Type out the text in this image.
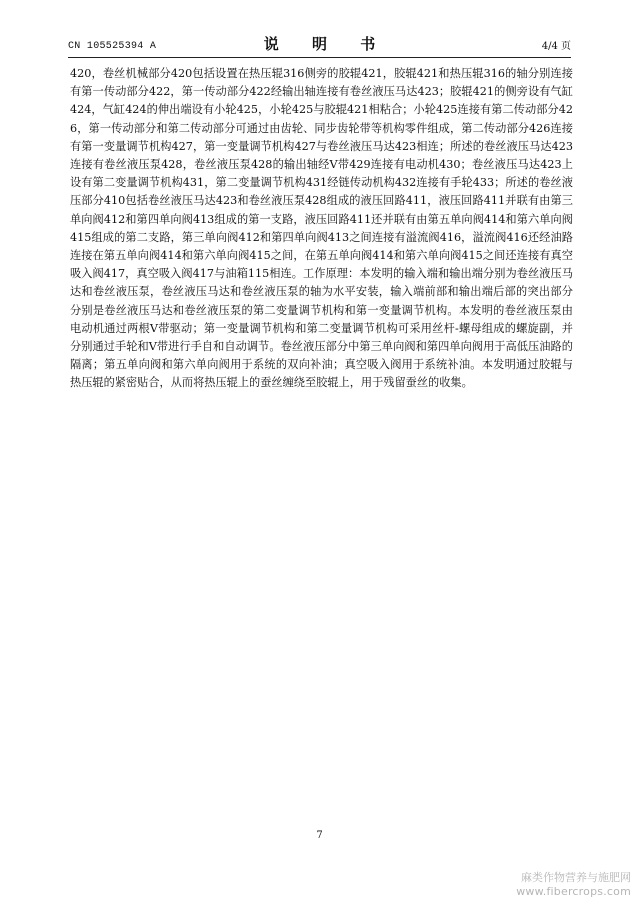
CN 105525394 A	说 明 书	4/4 页

420，卷丝机械部分420包括设置在热压辊316侧旁的胶辊421，胶辊421和热压辊316的轴分别连接有第一传动部分422，第一传动部分422经输出轴连接有卷丝液压马达423；胶辊421的侧旁设有气缸424，气缸424的伸出端设有小轮425，小轮425与胶辊421相粘合；小轮425连接有第二传动部分426，第一传动部分和第二传动部分可通过由齿轮、同步齿轮带等机构零件组成，第二传动部分426连接有第一变量调节机构427，第一变量调节机构427与卷丝液压马达423相连；所述的卷丝液压马达423连接有卷丝液压泵428，卷丝液压泵428的输出轴经V带429连接有电动机430；卷丝液压马达423上设有第二变量调节机构431，第二变量调节机构431经链传动机构432连接有手轮433；所述的卷丝液压部分410包括卷丝液压马达423和卷丝液压泵428组成的液压回路411，液压回路411并联有由第三单向阀412和第四单向阀413组成的第一支路，液压回路411还并联有由第五单向阀414和第六单向阀415组成的第二支路，第三单向阀412和第四单向阀413之间连接有溢流阀416，溢流阀416还经油路连接在第五单向阀414和第六单向阀415之间，在第五单向阀414和第六单向阀415之间还连接有真空吸入阀417，真空吸入阀417与油箱115相连。工作原理：本发明的输入端和输出端分别为卷丝液压马达和卷丝液压泵，卷丝液压马达和卷丝液压泵的轴为水平安装，输入端前部和输出端后部的突出部分分别是卷丝液压马达和卷丝液压泵的第二变量调节机构和第一变量调节机构。本发明的卷丝液压泵由电动机通过两根V带驱动；第一变量调节机构和第二变量调节机构可采用丝杆-螺母组成的螺旋副，并分别通过手轮和V带进行手自和自动调节。卷丝液压部分中第三单向阀和第四单向阀用于高低压油路的隔离；第五单向阀和第六单向阀用于系统的双向补油；真空吸入阀用于系统补油。本发明通过胶辊与热压辊的紧密贴合，从而将热压辊上的蚕丝缠绕至胶辊上，用于残留蚕丝的收集。

7
麻类作物营养与施肥网
www.fibercrops.com
